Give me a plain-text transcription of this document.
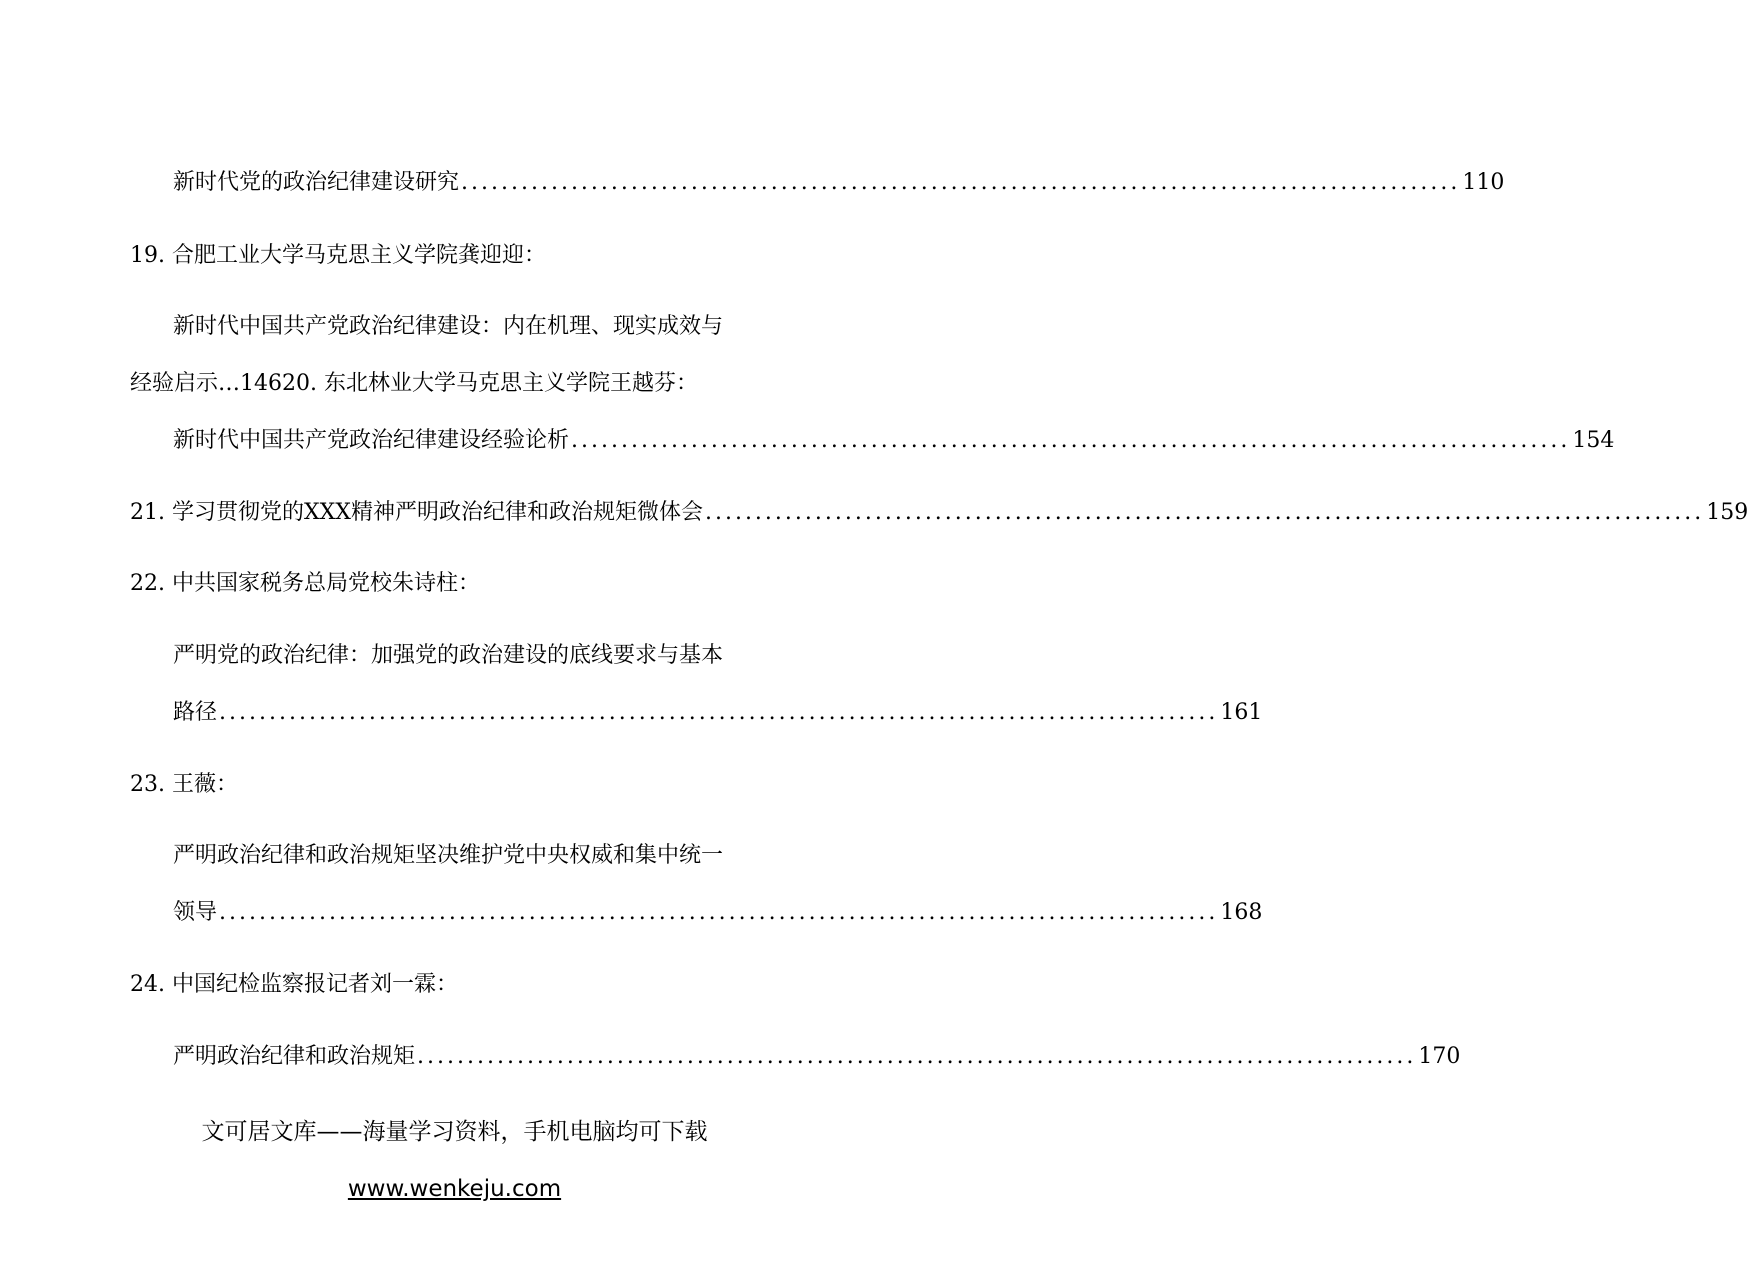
新时代党的政治纪律建设研究 .................................................................................................... 110
19. 合肥工业大学马克思主义学院龚迎迎：
新时代中国共产党政治纪律建设：内在机理、现实成效与
经验启示…14620. 东北林业大学马克思主义学院王越芬：
新时代中国共产党政治纪律建设经验论析 .................................................................................................... 154
21. 学习贯彻党的XXX精神严明政治纪律和政治规矩微体会 .................................................................................................... 159
22. 中共国家税务总局党校朱诗柱：
严明党的政治纪律：加强党的政治建设的底线要求与基本
路径 .................................................................................................... 161
23. 王薇：
严明政治纪律和政治规矩坚决维护党中央权威和集中统一
领导 .................................................................................................... 168
24. 中国纪检监察报记者刘一霖：
严明政治纪律和政治规矩 .................................................................................................... 170
文可居文库——海量学习资料，手机电脑均可下载
www.wenkeju.com
